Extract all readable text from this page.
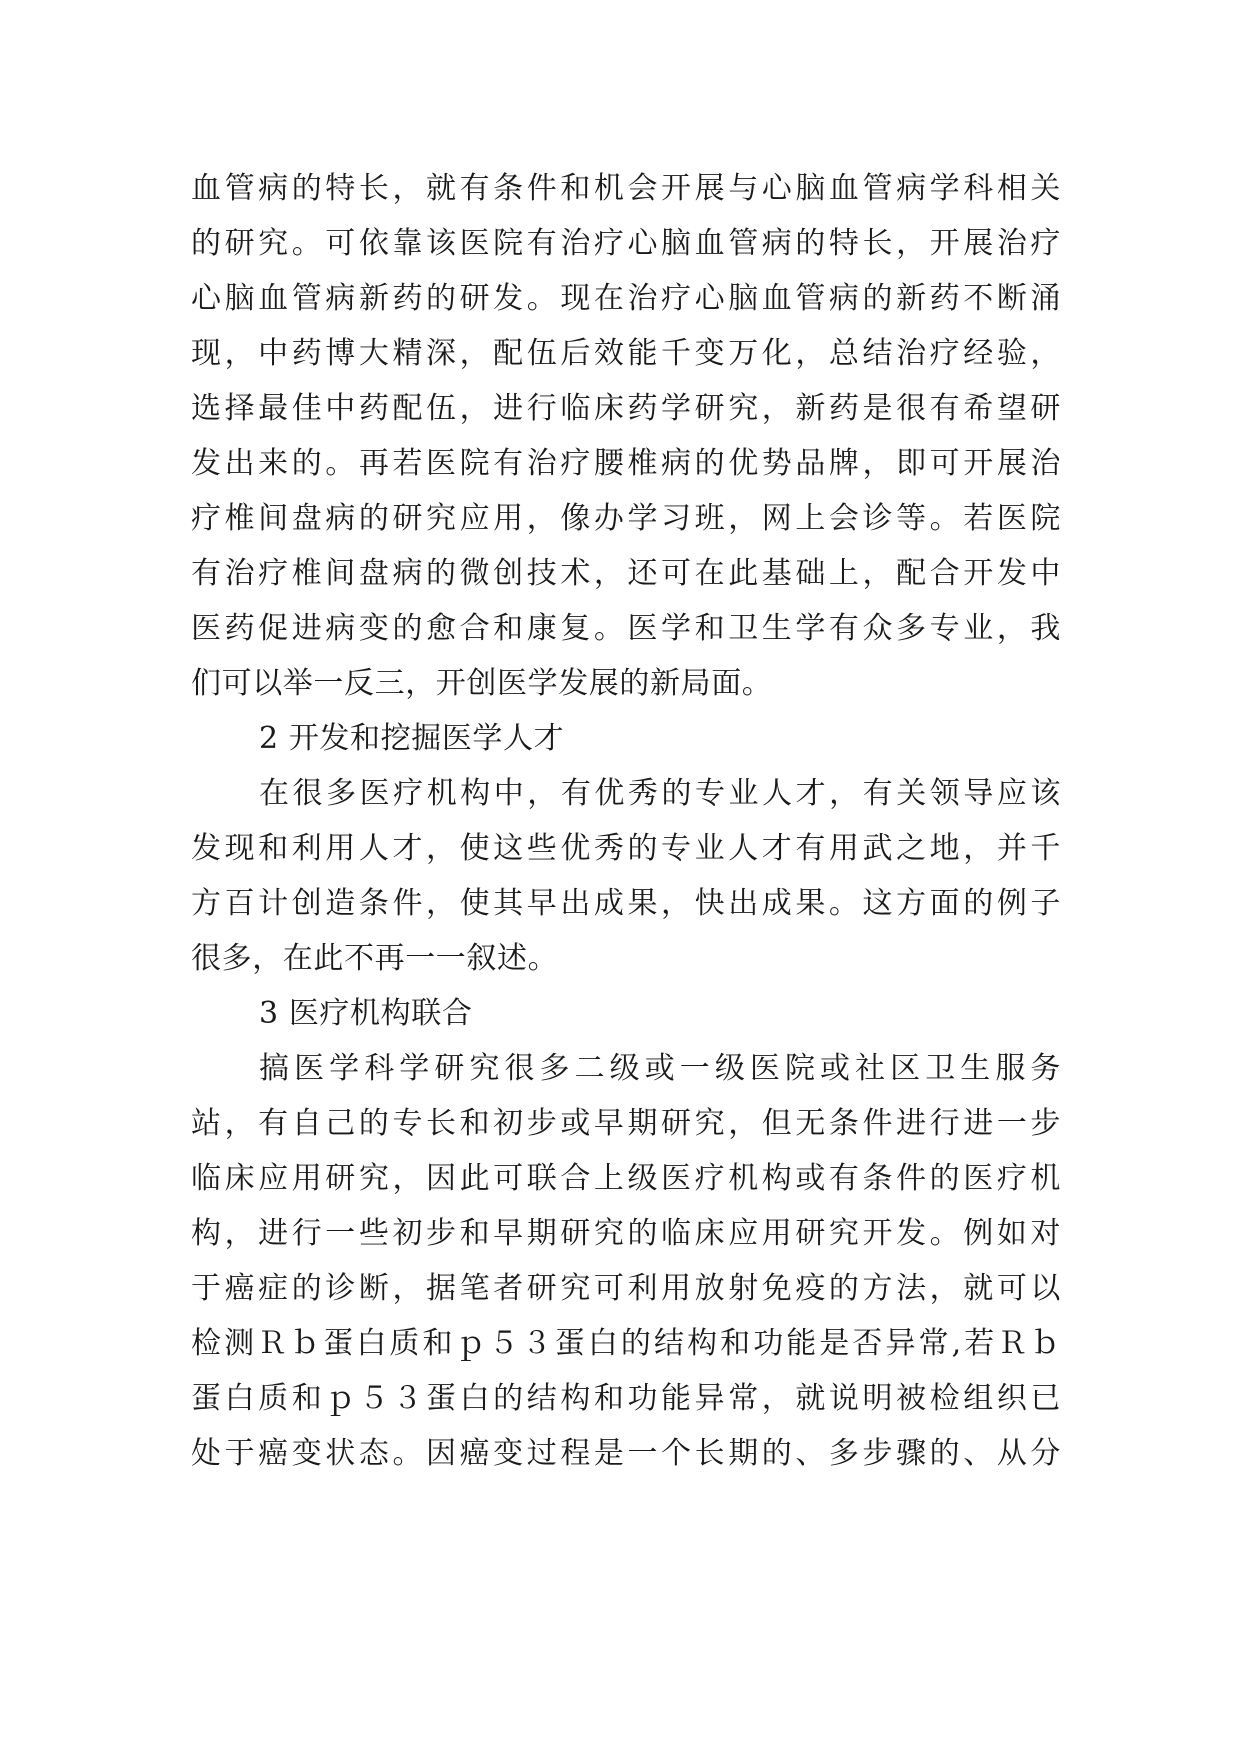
血管病的特长，就有条件和机会开展与心脑血管病学科相关
的研究。可依靠该医院有治疗心脑血管病的特长，开展治疗
心脑血管病新药的研发。现在治疗心脑血管病的新药不断涌
现，中药博大精深，配伍后效能千变万化，总结治疗经验，
选择最佳中药配伍，进行临床药学研究，新药是很有希望研
发出来的。再若医院有治疗腰椎病的优势品牌，即可开展治
疗椎间盘病的研究应用，像办学习班，网上会诊等。若医院
有治疗椎间盘病的微创技术，还可在此基础上，配合开发中
医药促进病变的愈合和康复。医学和卫生学有众多专业，我
们可以举一反三，开创医学发展的新局面。
2 开发和挖掘医学人才
在很多医疗机构中，有优秀的专业人才，有关领导应该
发现和利用人才，使这些优秀的专业人才有用武之地，并千
方百计创造条件，使其早出成果，快出成果。这方面的例子
很多，在此不再一一叙述。
3 医疗机构联合
搞医学科学研究很多二级或一级医院或社区卫生服务
站，有自己的专长和初步或早期研究，但无条件进行进一步
临床应用研究，因此可联合上级医疗机构或有条件的医疗机
构，进行一些初步和早期研究的临床应用研究开发。例如对
于癌症的诊断，据笔者研究可利用放射免疫的方法，就可以
检测Ｒｂ蛋白质和ｐ５３蛋白的结构和功能是否异常,若Ｒｂ
蛋白质和ｐ５３蛋白的结构和功能异常，就说明被检组织已
处于癌变状态。因癌变过程是一个长期的、多步骤的、从分
